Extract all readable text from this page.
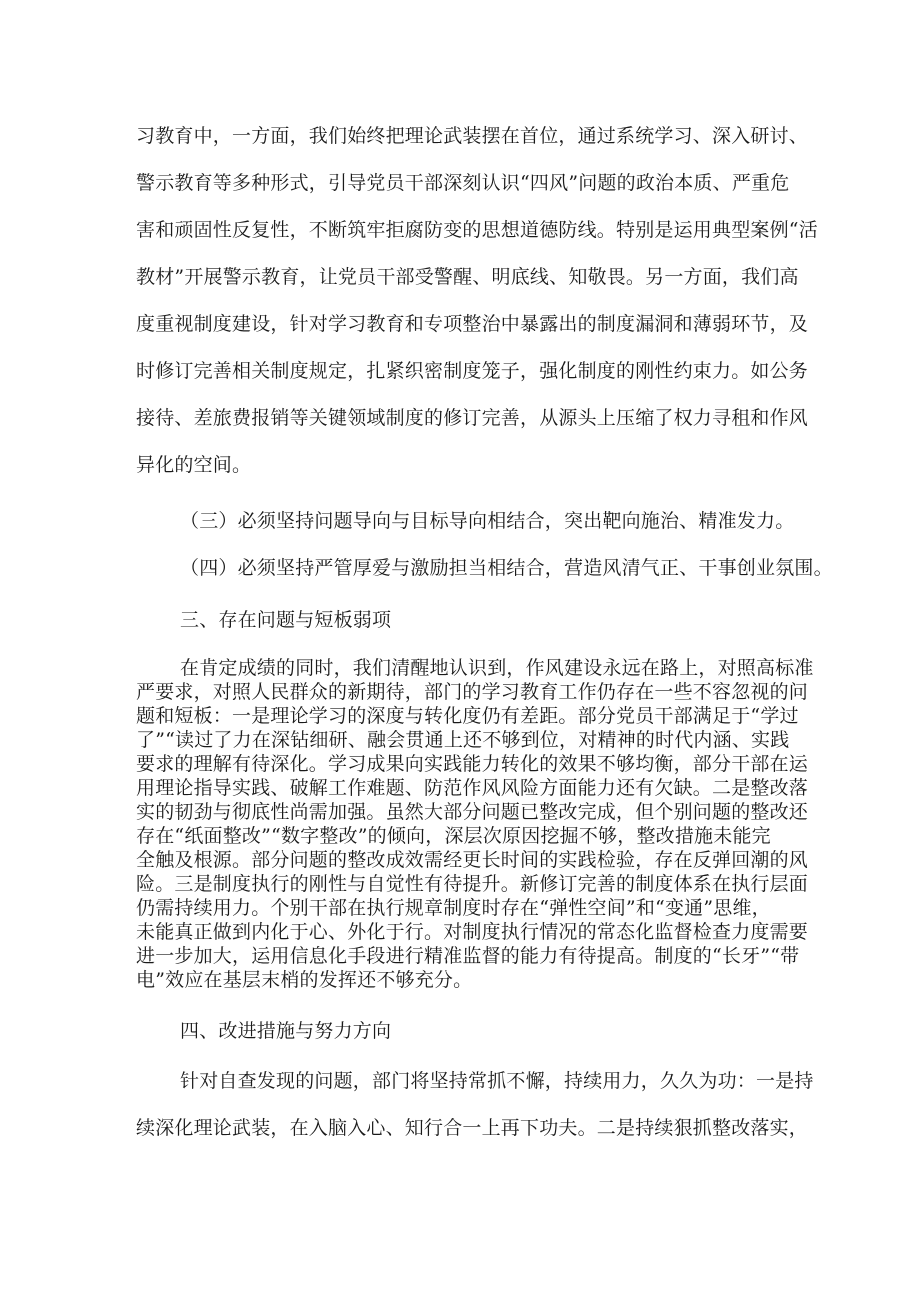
习教育中，一方面，我们始终把理论武装摆在首位，通过系统学习、深入研讨、
警示教育等多种形式，引导党员干部深刻认识“四风”问题的政治本质、严重危
害和顽固性反复性，不断筑牢拒腐防变的思想道德防线。特别是运用典型案例“活
教材”开展警示教育，让党员干部受警醒、明底线、知敬畏。另一方面，我们高
度重视制度建设，针对学习教育和专项整治中暴露出的制度漏洞和薄弱环节，及
时修订完善相关制度规定，扎紧织密制度笼子，强化制度的刚性约束力。如公务
接待、差旅费报销等关键领域制度的修订完善，从源头上压缩了权力寻租和作风
异化的空间。
（三）必须坚持问题导向与目标导向相结合，突出靶向施治、精准发力。
（四）必须坚持严管厚爱与激励担当相结合，营造风清气正、干事创业氛围。
三、存在问题与短板弱项
在肯定成绩的同时，我们清醒地认识到，作风建设永远在路上，对照高标准
严要求，对照人民群众的新期待，部门的学习教育工作仍存在一些不容忽视的问
题和短板：一是理论学习的深度与转化度仍有差距。部分党员干部满足于“学过
了”“读过了力在深钻细研、融会贯通上还不够到位，对精神的时代内涵、实践
要求的理解有待深化。学习成果向实践能力转化的效果不够均衡，部分干部在运
用理论指导实践、破解工作难题、防范作风风险方面能力还有欠缺。二是整改落
实的韧劲与彻底性尚需加强。虽然大部分问题已整改完成，但个别问题的整改还
存在“纸面整改”“数字整改”的倾向，深层次原因挖掘不够，整改措施未能完
全触及根源。部分问题的整改成效需经更长时间的实践检验，存在反弹回潮的风
险。三是制度执行的刚性与自觉性有待提升。新修订完善的制度体系在执行层面
仍需持续用力。个别干部在执行规章制度时存在“弹性空间”和“变通”思维，
未能真正做到内化于心、外化于行。对制度执行情况的常态化监督检查力度需要
进一步加大，运用信息化手段进行精准监督的能力有待提高。制度的“长牙”“带
电”效应在基层末梢的发挥还不够充分。
四、改进措施与努力方向
针对自查发现的问题，部门将坚持常抓不懈，持续用力，久久为功：一是持
续深化理论武装，在入脑入心、知行合一上再下功夫。二是持续狠抓整改落实，
